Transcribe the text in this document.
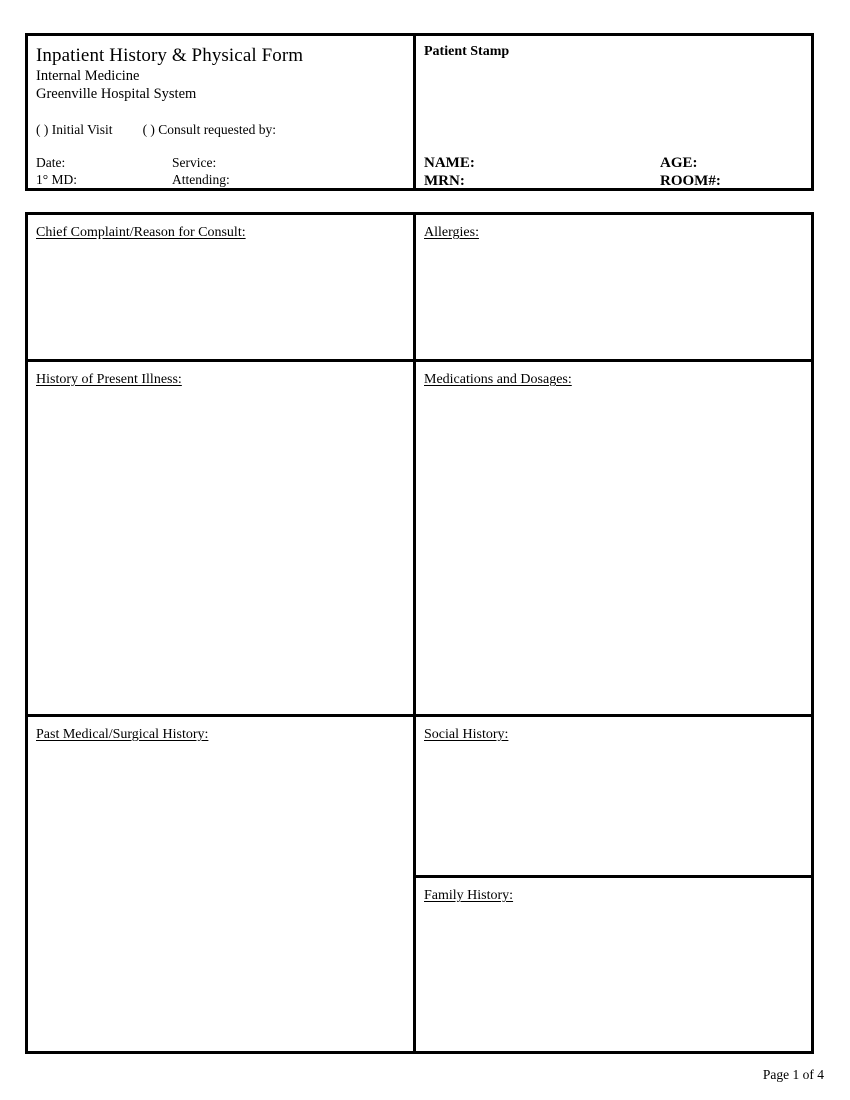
Inpatient History & Physical Form
Internal Medicine
Greenville Hospital System
( ) Initial Visit ( ) Consult requested by:
Date:	Service:
1° MD:	Attending:
Patient Stamp
NAME:	AGE:
MRN:	ROOM#:
Chief Complaint/Reason for Consult:
History of Present Illness:
Past Medical/Surgical History:
Allergies:
Medications and Dosages:
Social History:
Family History:
Page 1 of 4
